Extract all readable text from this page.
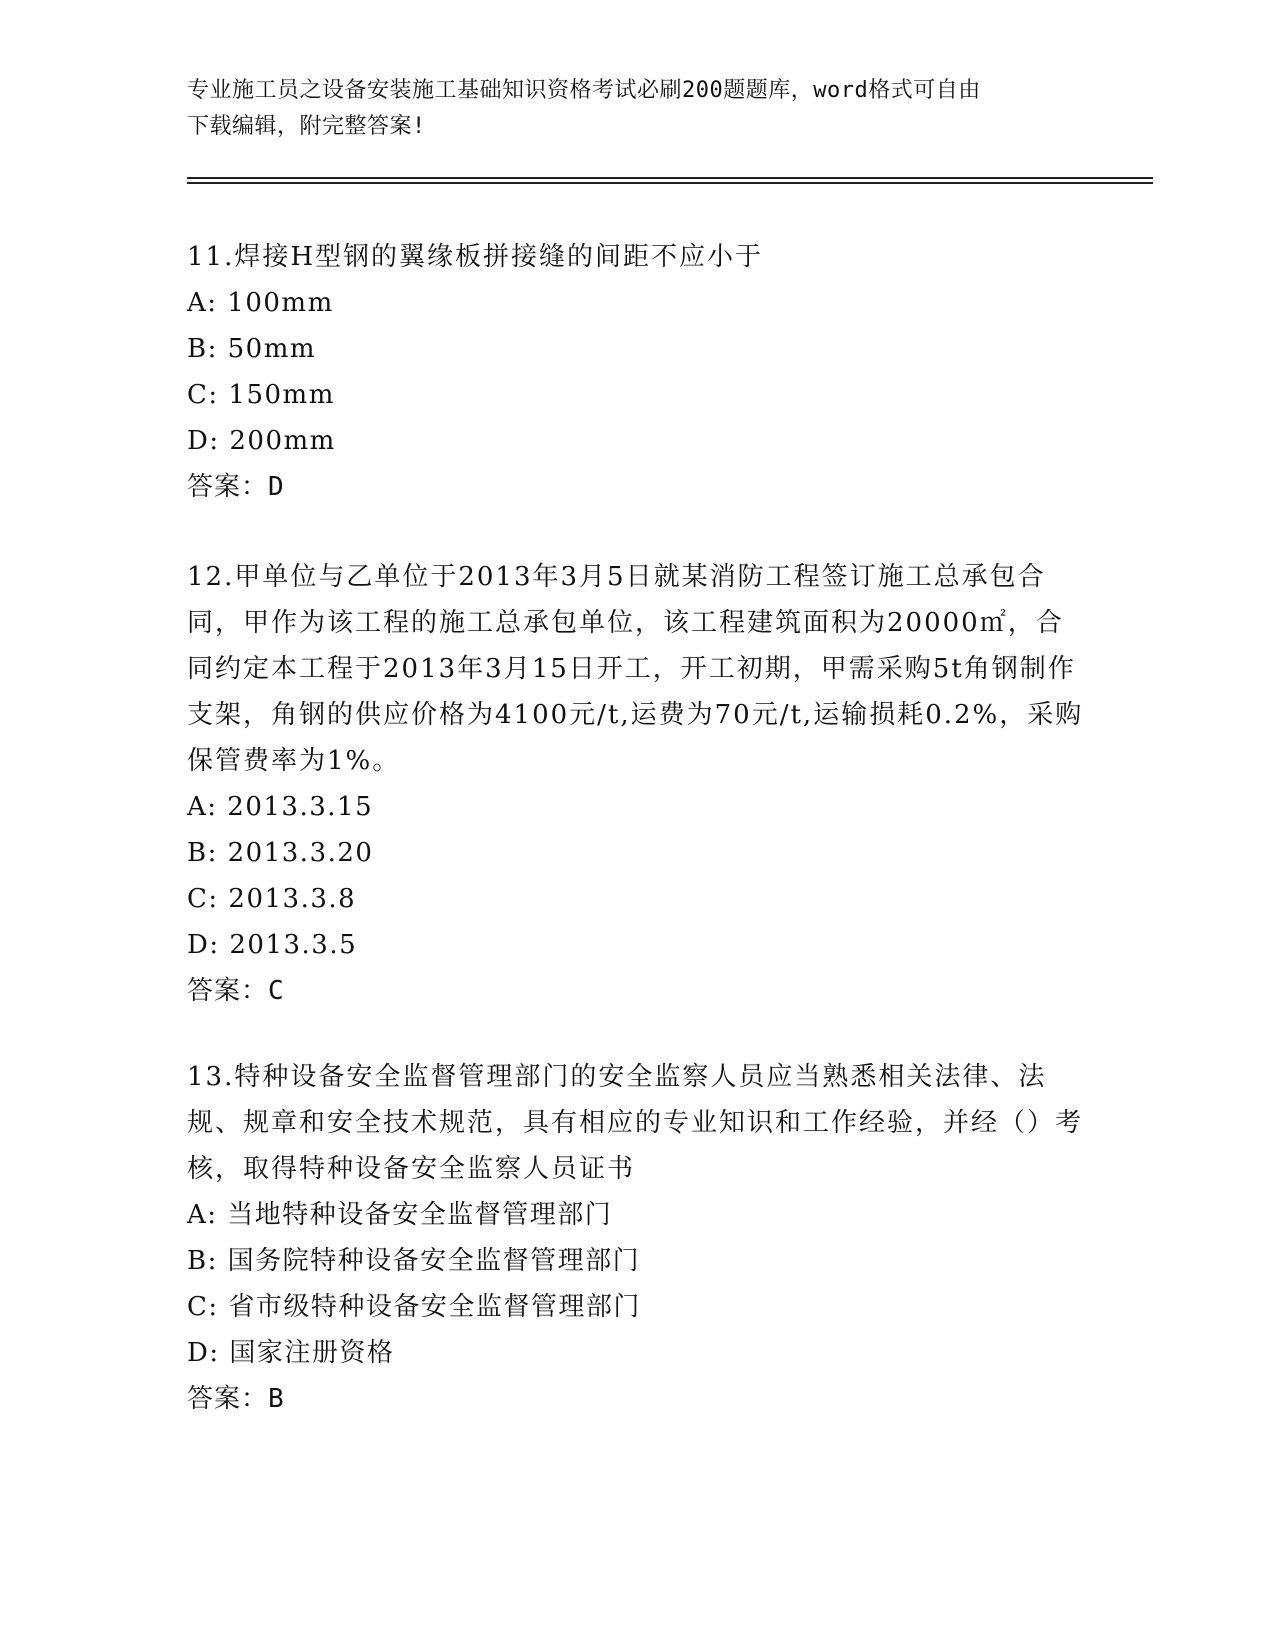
专业施工员之设备安装施工基础知识资格考试必刷200题题库，word格式可自由
下载编辑，附完整答案!
11.焊接H型钢的翼缘板拼接缝的间距不应小于
A: 100mm
B: 50mm
C: 150mm
D: 200mm
答案：D
12.甲单位与乙单位于2013年3月5日就某消防工程签订施工总承包合同，甲作为该工程的施工总承包单位，该工程建筑面积为20000㎡，合同约定本工程于2013年3月15日开工，开工初期，甲需采购5t角钢制作支架，角钢的供应价格为4100元/t,运费为70元/t,运输损耗0.2%，采购保管费率为1%。
A: 2013.3.15
B: 2013.3.20
C: 2013.3.8
D: 2013.3.5
答案：C
13.特种设备安全监督管理部门的安全监察人员应当熟悉相关法律、法规、规章和安全技术规范，具有相应的专业知识和工作经验，并经（）考核，取得特种设备安全监察人员证书
A: 当地特种设备安全监督管理部门
B: 国务院特种设备安全监督管理部门
C: 省市级特种设备安全监督管理部门
D: 国家注册资格
答案：B
